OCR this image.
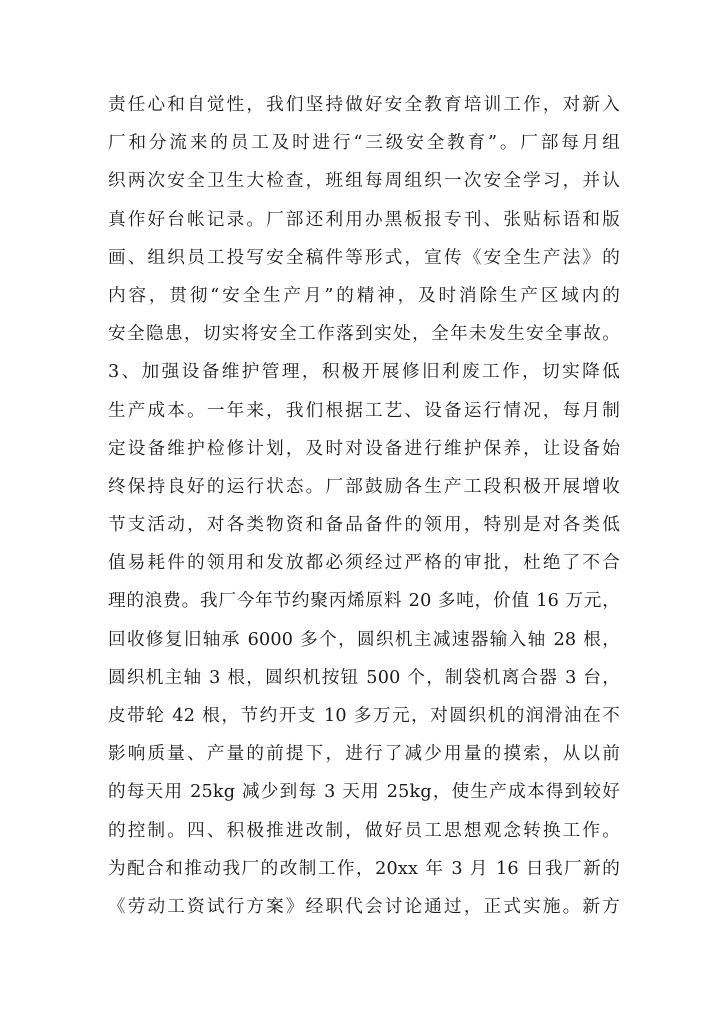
责任心和自觉性，我们坚持做好安全教育培训工作，对新入
厂和分流来的员工及时进行“三级安全教育”。厂部每月组
织两次安全卫生大检查，班组每周组织一次安全学习，并认
真作好台帐记录。厂部还利用办黑板报专刊、张贴标语和版
画、组织员工投写安全稿件等形式，宣传《安全生产法》的
内容，贯彻“安全生产月”的精神，及时消除生产区域内的
安全隐患，切实将安全工作落到实处，全年未发生安全事故。
3、加强设备维护管理，积极开展修旧利废工作，切实降低
生产成本。一年来，我们根据工艺、设备运行情况，每月制
定设备维护检修计划，及时对设备进行维护保养，让设备始
终保持良好的运行状态。厂部鼓励各生产工段积极开展增收
节支活动，对各类物资和备品备件的领用，特别是对各类低
值易耗件的领用和发放都必须经过严格的审批，杜绝了不合
理的浪费。我厂今年节约聚丙烯原料 20 多吨，价值 16 万元，
回收修复旧轴承 6000 多个，圆织机主减速器输入轴 28 根，
圆织机主轴 3 根，圆织机按钮 500 个，制袋机离合器 3 台，
皮带轮 42 根，节约开支 10 多万元，对圆织机的润滑油在不
影响质量、产量的前提下，进行了减少用量的摸索，从以前
的每天用 25kg 减少到每 3 天用 25kg，使生产成本得到较好
的控制。四、积极推进改制，做好员工思想观念转换工作。
为配合和推动我厂的改制工作，20xx 年 3 月 16 日我厂新的
《劳动工资试行方案》经职代会讨论通过，正式实施。新方
